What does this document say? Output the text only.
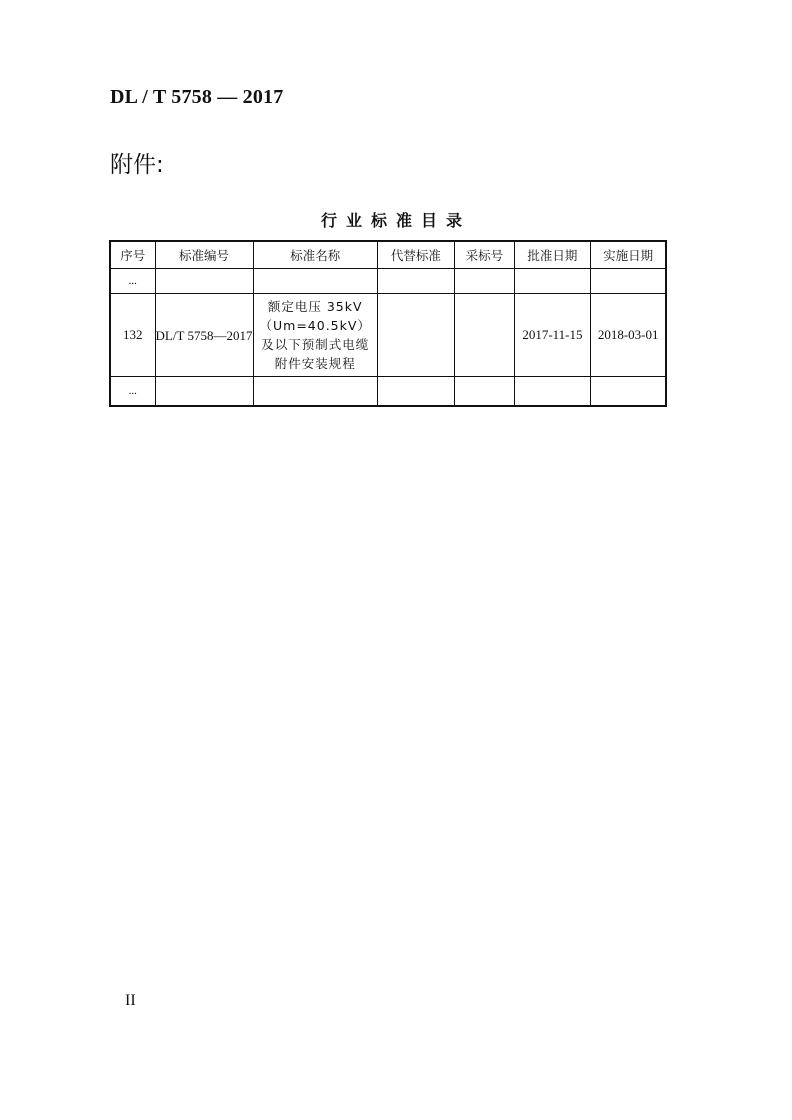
DL / T 5758 — 2017
附件:
行业标准目录
序号	标准编号	标准名称	代替标准	采标号	批准日期	实施日期
...						
132	DL/T 5758—2017	额定电压 35kV（Um=40.5kV）及以下预制式电缆附件安装规程			2017-11-15	2018-03-01
...						
II
